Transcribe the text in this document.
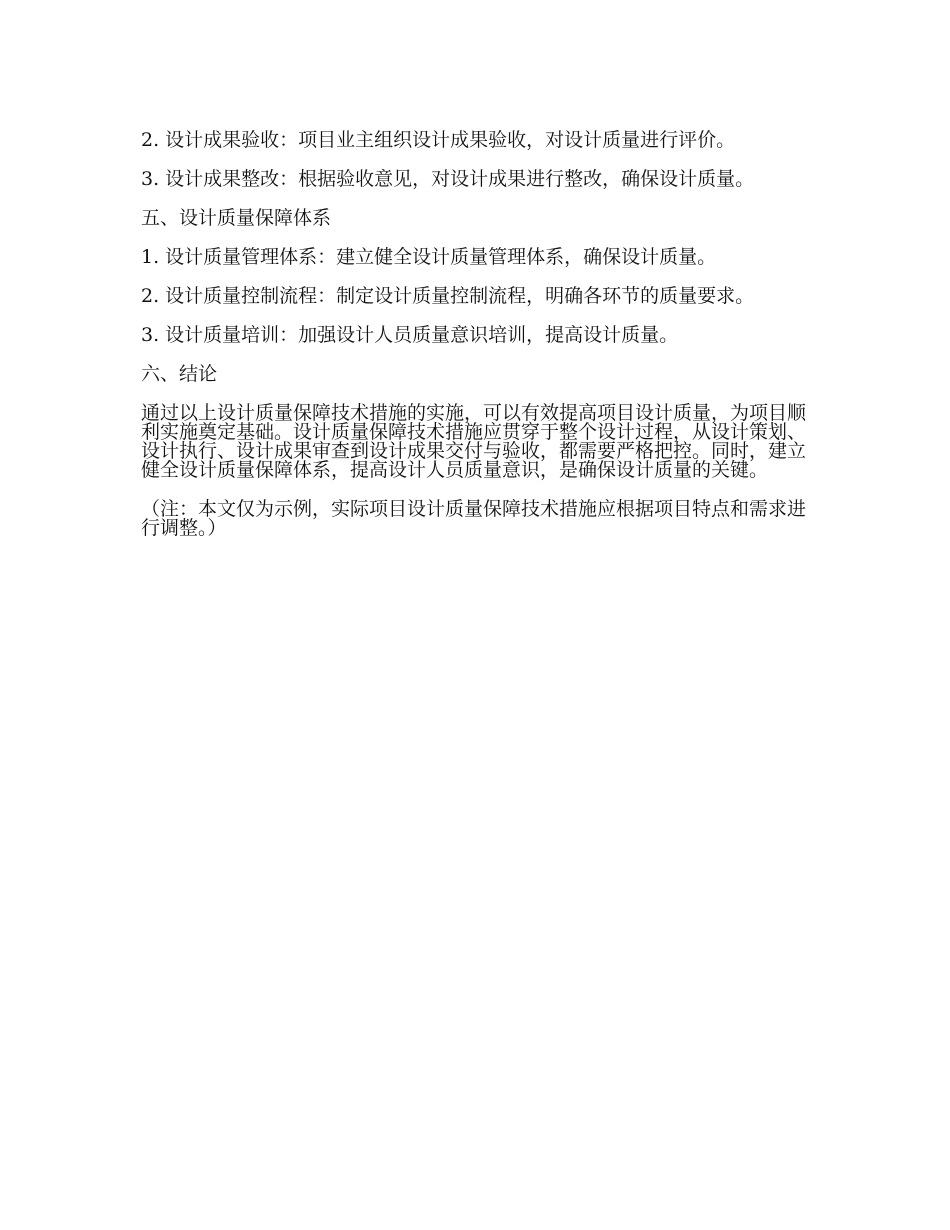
2. 设计成果验收：项目业主组织设计成果验收，对设计质量进行评价。

3. 设计成果整改：根据验收意见，对设计成果进行整改，确保设计质量。

五、设计质量保障体系

1. 设计质量管理体系：建立健全设计质量管理体系，确保设计质量。

2. 设计质量控制流程：制定设计质量控制流程，明确各环节的质量要求。

3. 设计质量培训：加强设计人员质量意识培训，提高设计质量。

六、结论

通过以上设计质量保障技术措施的实施，可以有效提高项目设计质量，为项目顺利实施奠定基础。设计质量保障技术措施应贯穿于整个设计过程，从设计策划、设计执行、设计成果审查到设计成果交付与验收，都需要严格把控。同时，建立健全设计质量保障体系，提高设计人员质量意识，是确保设计质量的关键。

（注：本文仅为示例，实际项目设计质量保障技术措施应根据项目特点和需求进行调整。）
